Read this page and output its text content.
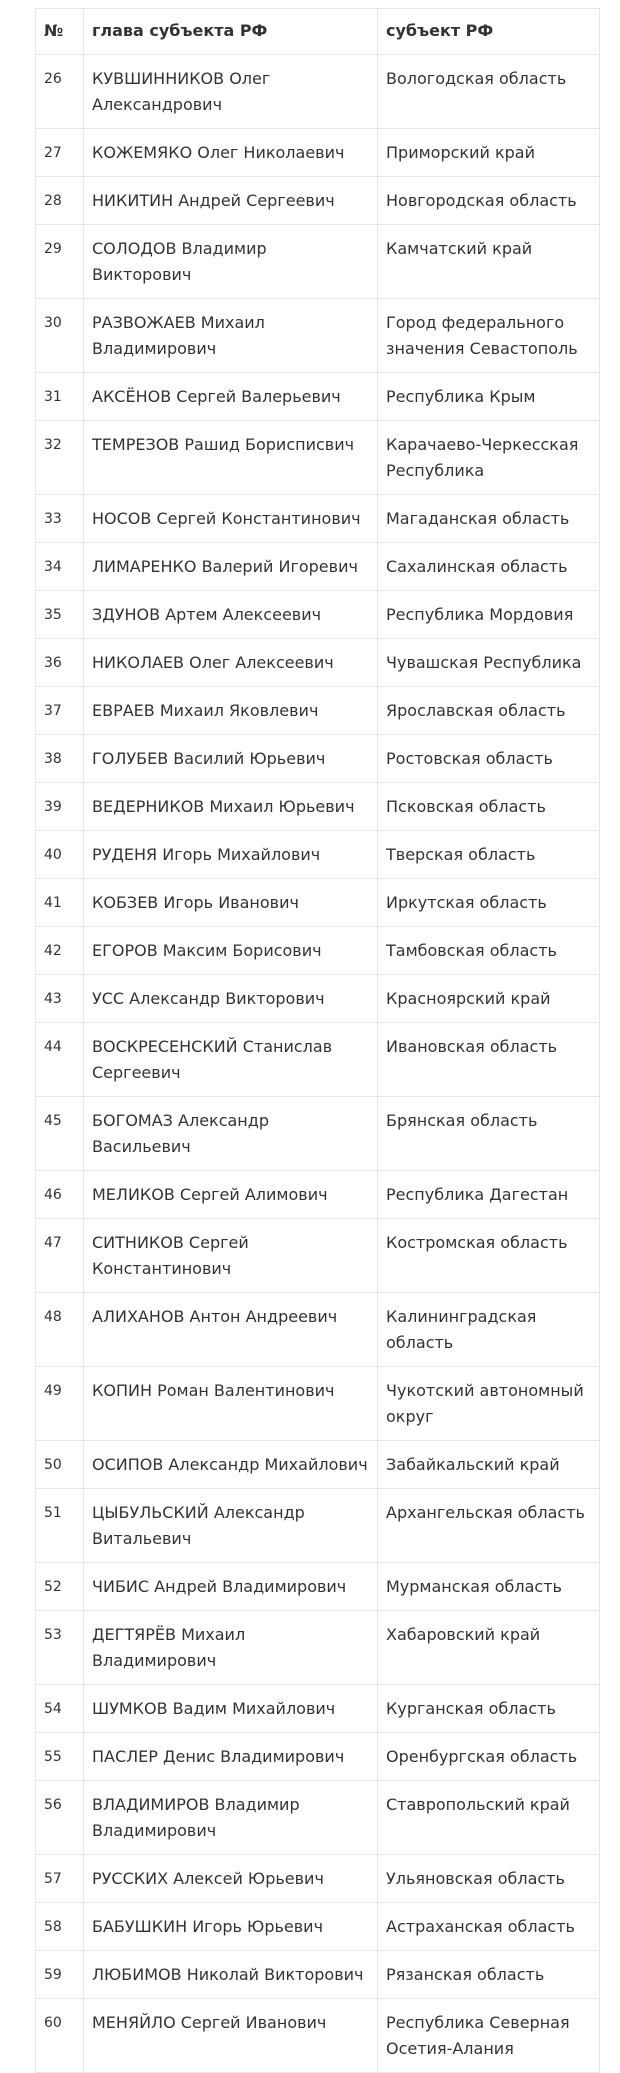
№	глава субъекта РФ	субъект РФ
26	КУВШИННИКОВ Олег Александрович	Вологодская область
27	КОЖЕМЯКО Олег Николаевич	Приморский край
28	НИКИТИН Андрей Сергеевич	Новгородская область
29	СОЛОДОВ Владимир Викторович	Камчатский край
30	РАЗВОЖАЕВ Михаил Владимирович	Город федерального значения Севастополь
31	АКСЁНОВ Сергей Валерьевич	Республика Крым
32	ТЕМРЕЗОВ Рашид Борисписвич	Карачаево-Черкесская Республика
33	НОСОВ Сергей Константинович	Магаданская область
34	ЛИМАРЕНКО Валерий Игоревич	Сахалинская область
35	ЗДУНОВ Артем Алексеевич	Республика Мордовия
36	НИКОЛАЕВ Олег Алексеевич	Чувашская Республика
37	ЕВРАЕВ Михаил Яковлевич	Ярославская область
38	ГОЛУБЕВ Василий Юрьевич	Ростовская область
39	ВЕДЕРНИКОВ Михаил Юрьевич	Псковская область
40	РУДЕНЯ Игорь Михайлович	Тверская область
41	КОБЗЕВ Игорь Иванович	Иркутская область
42	ЕГОРОВ Максим Борисович	Тамбовская область
43	УСС Александр Викторович	Красноярский край
44	ВОСКРЕСЕНСКИЙ Станислав Сергеевич	Ивановская область
45	БОГОМАЗ Александр Васильевич	Брянская область
46	МЕЛИКОВ Сергей Алимович	Республика Дагестан
47	СИТНИКОВ Сергей Константинович	Костромская область
48	АЛИХАНОВ Антон Андреевич	Калининградская область
49	КОПИН Роман Валентинович	Чукотский автономный округ
50	ОСИПОВ Александр Михайлович	Забайкальский край
51	ЦЫБУЛЬСКИЙ Александр Витальевич	Архангельская область
52	ЧИБИС Андрей Владимирович	Мурманская область
53	ДЕГТЯРЁВ Михаил Владимирович	Хабаровский край
54	ШУМКОВ Вадим Михайлович	Курганская область
55	ПАСЛЕР Денис Владимирович	Оренбургская область
56	ВЛАДИМИРОВ Владимир Владимирович	Ставропольский край
57	РУССКИХ Алексей Юрьевич	Ульяновская область
58	БАБУШКИН Игорь Юрьевич	Астраханская область
59	ЛЮБИМОВ Николай Викторович	Рязанская область
60	МЕНЯЙЛО Сергей Иванович	Республика Северная Осетия-Алания
